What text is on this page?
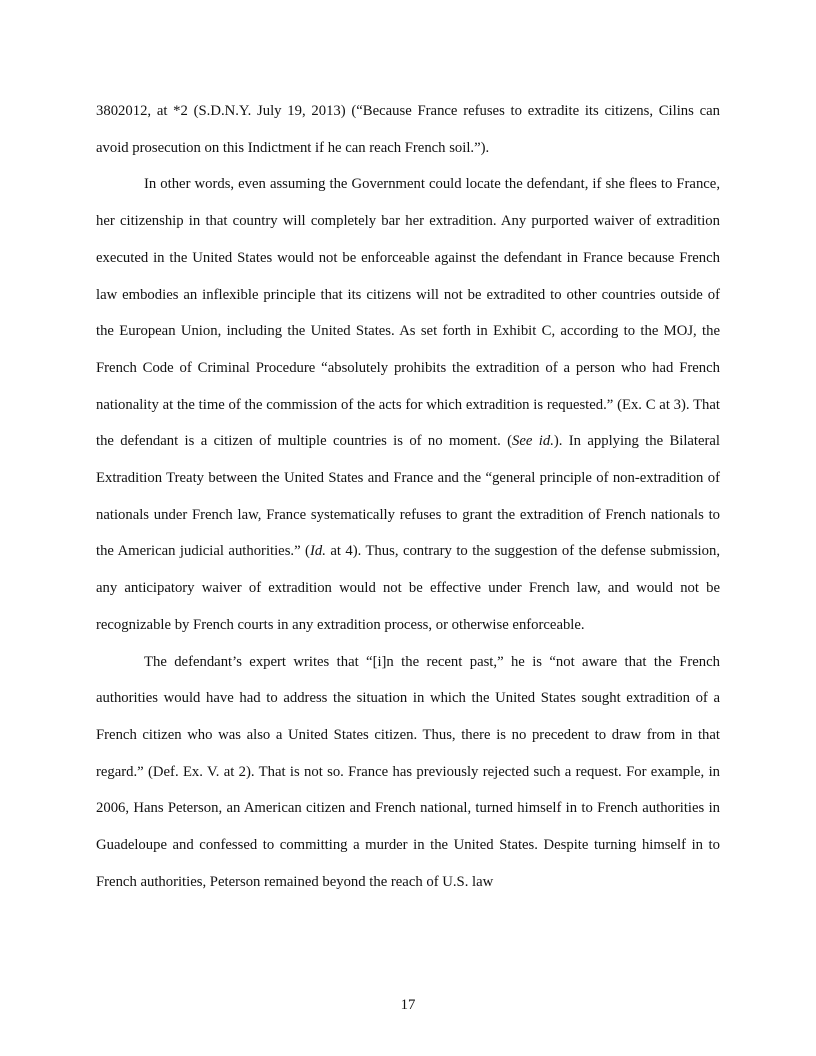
3802012, at *2 (S.D.N.Y. July 19, 2013) (“Because France refuses to extradite its citizens, Cilins can avoid prosecution on this Indictment if he can reach French soil.”).

In other words, even assuming the Government could locate the defendant, if she flees to France, her citizenship in that country will completely bar her extradition. Any purported waiver of extradition executed in the United States would not be enforceable against the defendant in France because French law embodies an inflexible principle that its citizens will not be extradited to other countries outside of the European Union, including the United States. As set forth in Exhibit C, according to the MOJ, the French Code of Criminal Procedure “absolutely prohibits the extradition of a person who had French nationality at the time of the commission of the acts for which extradition is requested.” (Ex. C at 3). That the defendant is a citizen of multiple countries is of no moment. (See id.). In applying the Bilateral Extradition Treaty between the United States and France and the “general principle of non-extradition of nationals under French law, France systematically refuses to grant the extradition of French nationals to the American judicial authorities.” (Id. at 4). Thus, contrary to the suggestion of the defense submission, any anticipatory waiver of extradition would not be effective under French law, and would not be recognizable by French courts in any extradition process, or otherwise enforceable.

The defendant’s expert writes that “[i]n the recent past,” he is “not aware that the French authorities would have had to address the situation in which the United States sought extradition of a French citizen who was also a United States citizen. Thus, there is no precedent to draw from in that regard.” (Def. Ex. V. at 2). That is not so. France has previously rejected such a request. For example, in 2006, Hans Peterson, an American citizen and French national, turned himself in to French authorities in Guadeloupe and confessed to committing a murder in the United States. Despite turning himself in to French authorities, Peterson remained beyond the reach of U.S. law

17
